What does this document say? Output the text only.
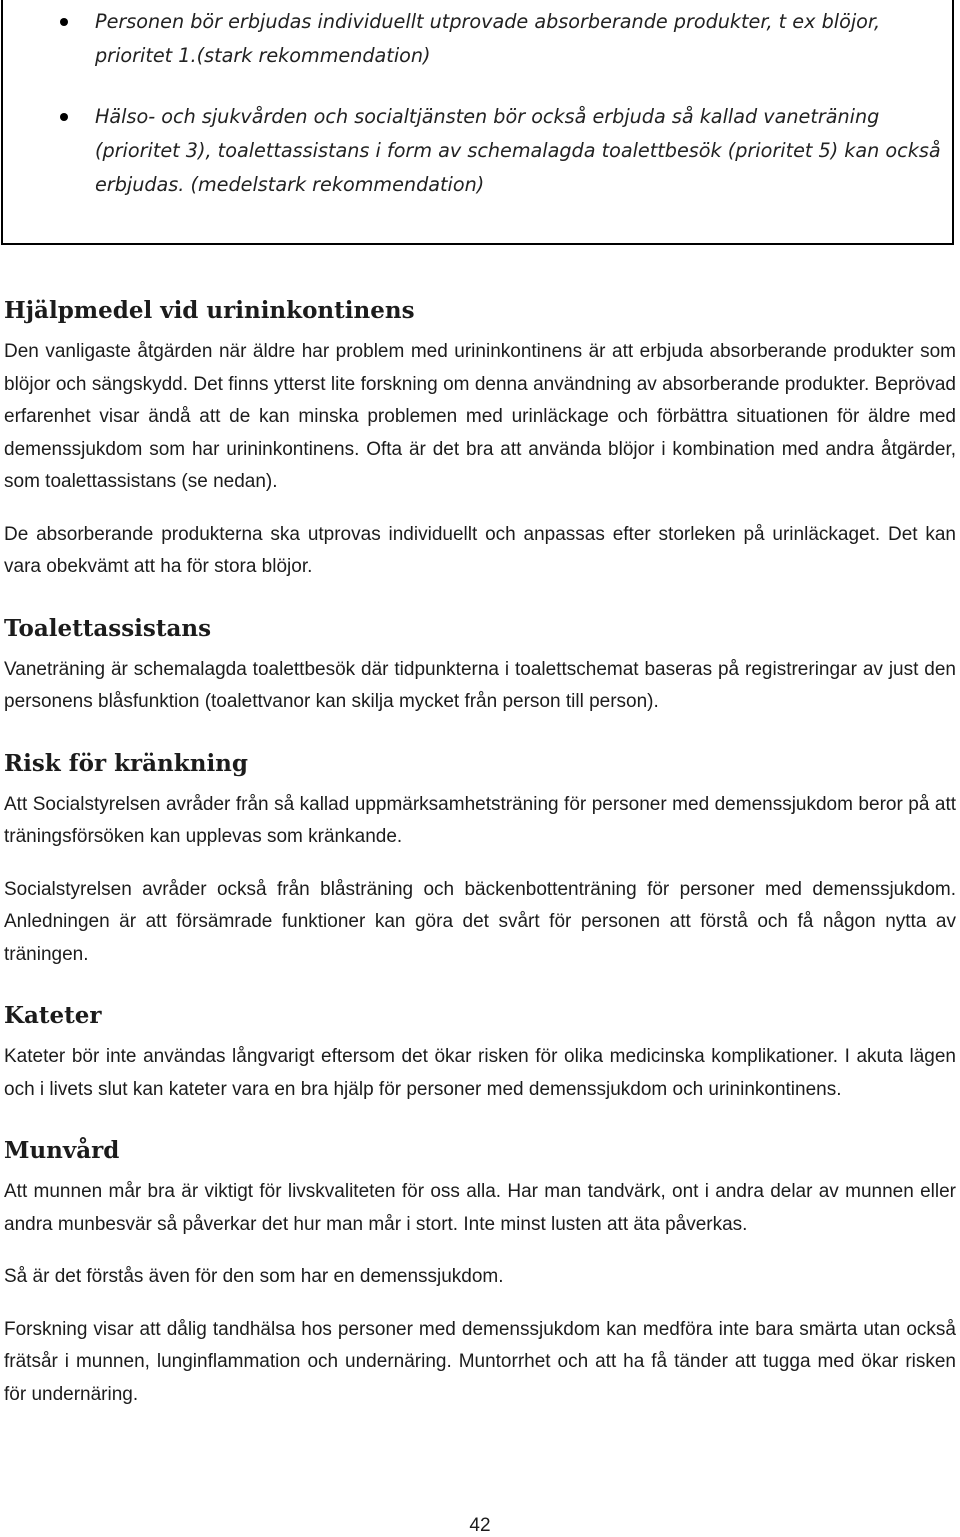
Personen bör erbjudas individuellt utprovade absorberande produkter, t ex blöjor, prioritet 1.(stark rekommendation)
Hälso- och sjukvården och socialtjänsten bör också erbjuda så kallad vaneträning (prioritet 3), toalettassistans i form av schemalagda toalettbesök (prioritet 5) kan också erbjudas. (medelstark rekommendation)
Hjälpmedel vid urininkontinens

Den vanligaste åtgärden när äldre har problem med urininkontinens är att erbjuda absorberande produkter som blöjor och sängskydd. Det finns ytterst lite forskning om denna användning av absorberande produkter. Beprövad erfarenhet visar ändå att de kan minska problemen med urinläckage och förbättra situationen för äldre med demenssjukdom som har urininkontinens. Ofta är det bra att använda blöjor i kombination med andra åtgärder, som toalettassistans (se nedan).

De absorberande produkterna ska utprovas individuellt och anpassas efter storleken på urinläckaget. Det kan vara obekvämt att ha för stora blöjor.

Toalettassistans

Vaneträning är schemalagda toalettbesök där tidpunkterna i toalettschemat baseras på registreringar av just den personens blåsfunktion (toalettvanor kan skilja mycket från person till person).

Risk för kränkning

Att Socialstyrelsen avråder från så kallad uppmärksamhetsträning för personer med demenssjukdom beror på att träningsförsöken kan upplevas som kränkande.

Socialstyrelsen avråder också från blåsträning och bäckenbottenträning för personer med demenssjukdom. Anledningen är att försämrade funktioner kan göra det svårt för personen att förstå och få någon nytta av träningen.

Kateter

Kateter bör inte användas långvarigt eftersom det ökar risken för olika medicinska komplikationer. I akuta lägen och i livets slut kan kateter vara en bra hjälp för personer med demenssjukdom och urininkontinens.

Munvård

Att munnen mår bra är viktigt för livskvaliteten för oss alla. Har man tandvärk, ont i andra delar av munnen eller andra munbesvär så påverkar det hur man mår i stort. Inte minst lusten att äta påverkas.

Så är det förstås även för den som har en demenssjukdom.

Forskning visar att dålig tandhälsa hos personer med demenssjukdom kan medföra inte bara smärta utan också frätsår i munnen, lunginflammation och undernäring. Muntorrhet och att ha få tänder att tugga med ökar risken för undernäring.

42
